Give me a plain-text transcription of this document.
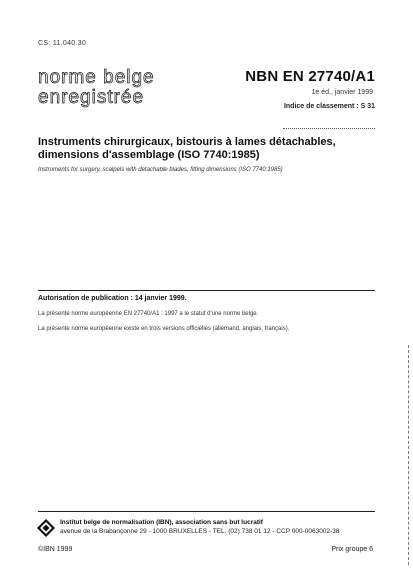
CS: 11.040.30
norme belge
enregistrée
NBN EN 27740/A1
1e éd., janvier 1999
Indice de classement : S 31
Instruments chirurgicaux, bistouris à lames détachables, dimensions d'assemblage (ISO 7740:1985)
Instruments for surgery, scalpels with detachable blades, fitting dimensions (ISO 7740:1985)
Autorisation de publication : 14 janvier 1999.
La présente norme européenne EN 27740/A1 : 1997 a le statut d'une norme belge.
La présente norme européenne existe en trois versions officielles (allemand, anglais, français).
Institut belge de normalisation (IBN), association sans but lucratif
avenue de la Brabançonne 29 - 1000 BRUXELLES - TEL. (02) 738 01 12 - CCP 000-0063002-38
©IBN 1999	Prix groupe 6
